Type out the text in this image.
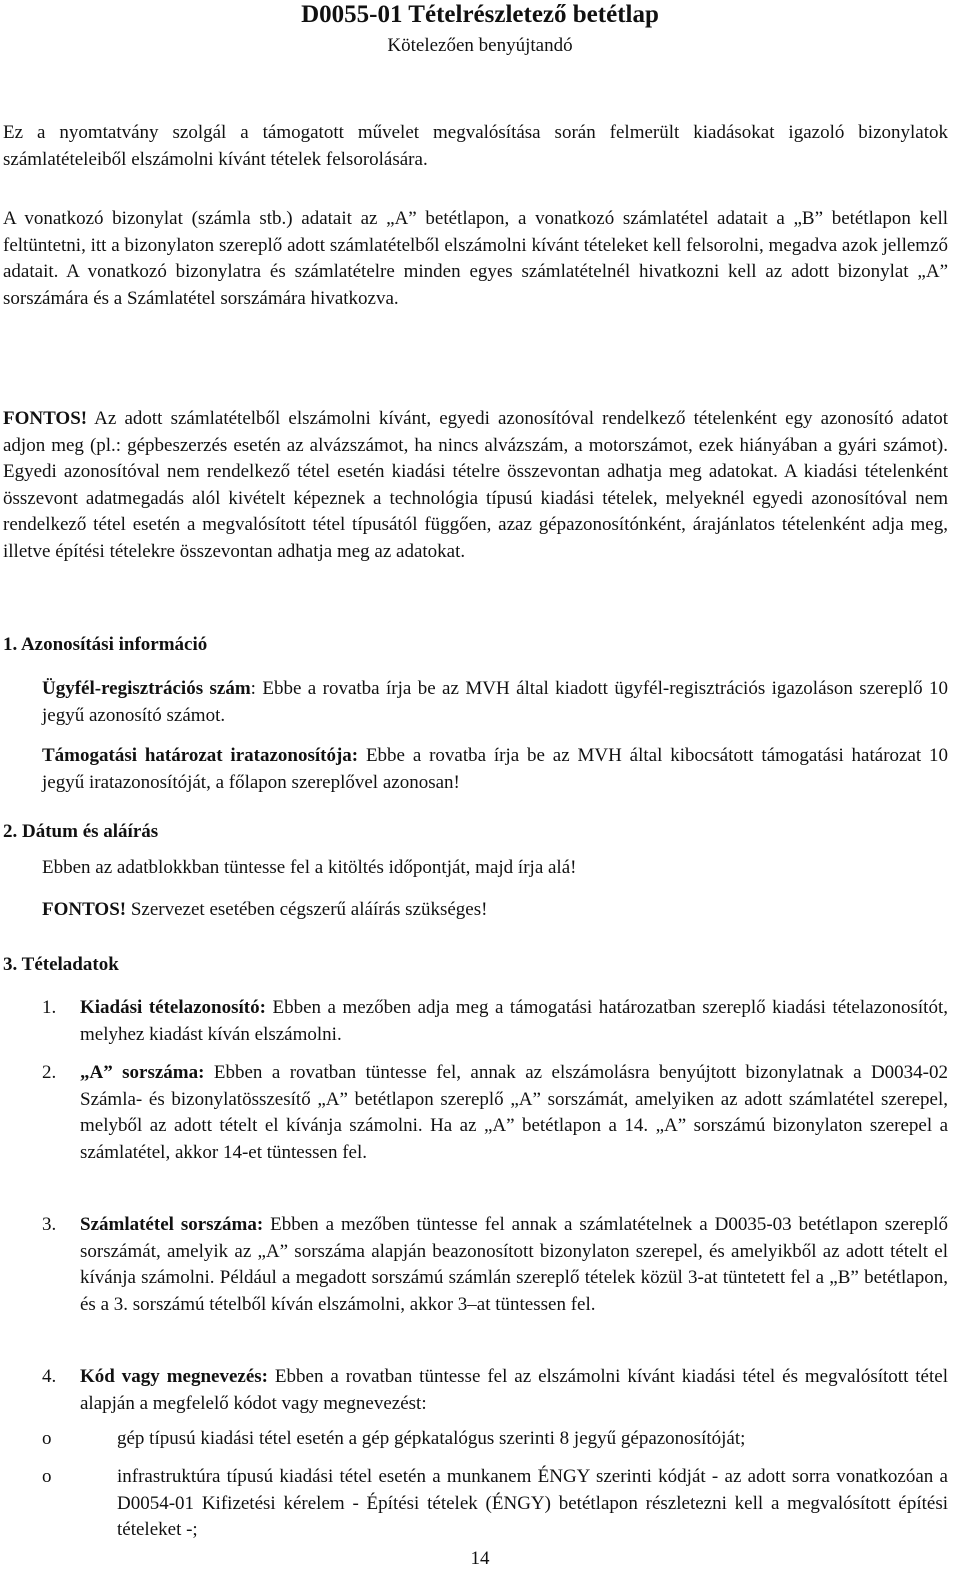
D0055-01 Tételrészletező betétlap
Kötelezően benyújtandó

Ez a nyomtatvány szolgál a támogatott művelet megvalósítása során felmerült kiadásokat igazoló bizonylatok számlatételeiből elszámolni kívánt tételek felsorolására.

A vonatkozó bizonylat (számla stb.) adatait az „A” betétlapon, a vonatkozó számlatétel adatait a „B” betétlapon kell feltüntetni, itt a bizonylaton szereplő adott számlatételből elszámolni kívánt tételeket kell felsorolni, megadva azok jellemző adatait. A vonatkozó bizonylatra és számlatételre minden egyes számlatételnél hivatkozni kell az adott bizonylat „A” sorszámára és a Számlatétel sorszámára hivatkozva.

FONTOS! Az adott számlatételből elszámolni kívánt, egyedi azonosítóval rendelkező tételenként egy azonosító adatot adjon meg (pl.: gépbeszerzés esetén az alvázszámot, ha nincs alvázszám, a motorszámot, ezek hiányában a gyári számot). Egyedi azonosítóval nem rendelkező tétel esetén kiadási tételre összevontan adhatja meg adatokat. A kiadási tételenként összevont adatmegadás alól kivételt képeznek a technológia típusú kiadási tételek, melyeknél egyedi azonosítóval nem rendelkező tétel esetén a megvalósított tétel típusától függően, azaz gépazonosítónként, árajánlatos tételenként adja meg, illetve építési tételekre összevontan adhatja meg az adatokat.

1. Azonosítási információ

Ügyfél-regisztrációs szám: Ebbe a rovatba írja be az MVH által kiadott ügyfél-regisztrációs igazoláson szereplő 10 jegyű azonosító számot.

Támogatási határozat iratazonosítója: Ebbe a rovatba írja be az MVH által kibocsátott támogatási határozat 10 jegyű iratazonosítóját, a főlapon szereplővel azonosan!

2. Dátum és aláírás

Ebben az adatblokkban tüntesse fel a kitöltés időpontját, majd írja alá!

FONTOS! Szervezet esetében cégszerű aláírás szükséges!

3. Tételadatok
1. Kiadási tételazonosító: Ebben a mezőben adja meg a támogatási határozatban szereplő kiadási tételazonosítót, melyhez kiadást kíván elszámolni.

2. „A” sorszáma: Ebben a rovatban tüntesse fel, annak az elszámolásra benyújtott bizonylatnak a D0034-02 Számla- és bizonylatösszesítő „A” betétlapon szereplő „A” sorszámát, amelyiken az adott számlatétel szerepel, melyből az adott tételt el kívánja számolni. Ha az „A” betétlapon a 14. „A” sorszámú bizonylaton szerepel a számlatétel, akkor 14-et tüntessen fel.

3. Számlatétel sorszáma: Ebben a mezőben tüntesse fel annak a számlatételnek a D0035-03 betétlapon szereplő sorszámát, amelyik az „A” sorszáma alapján beazonosított bizonylaton szerepel, és amelyikből az adott tételt el kívánja számolni. Például a megadott sorszámú számlán szereplő tételek közül 3-at tüntetett fel a „B” betétlapon, és a 3. sorszámú tételből kíván elszámolni, akkor 3–at tüntessen fel.

4. Kód vagy megnevezés: Ebben a rovatban tüntesse fel az elszámolni kívánt kiadási tétel és megvalósított tétel alapján a megfelelő kódot vagy megnevezést:

o	gép típusú kiadási tétel esetén a gép gépkatalógus szerinti 8 jegyű gépazonosítóját;

o	infrastruktúra típusú kiadási tétel esetén a munkanem ÉNGY szerinti kódját - az adott sorra vonatkozóan a D0054-01 Kifizetési kérelem - Építési tételek (ÉNGY) betétlapon részletezni kell a megvalósított építési tételeket -;

14
